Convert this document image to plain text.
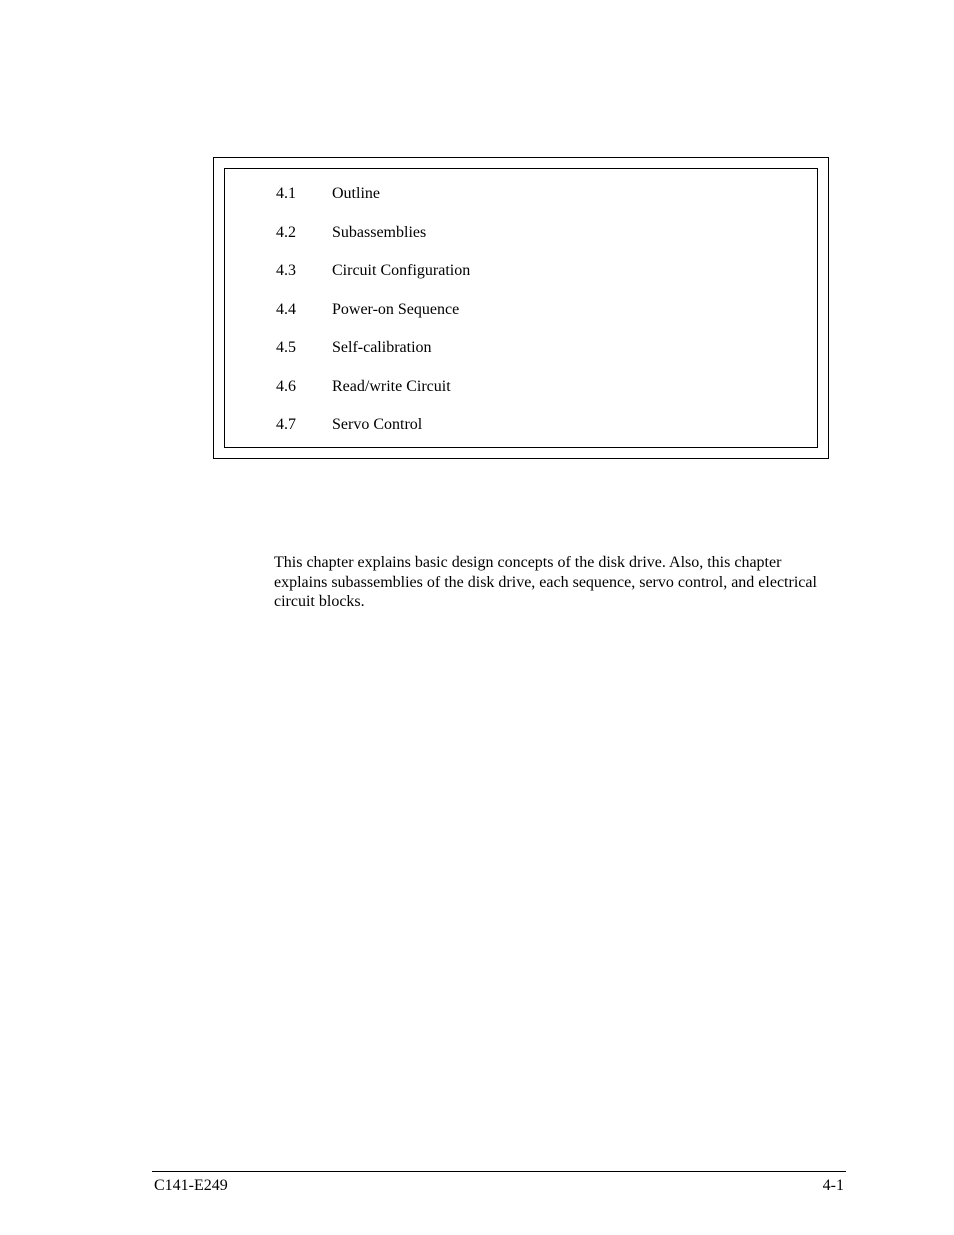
4.1 Outline
4.2 Subassemblies
4.3 Circuit Configuration
4.4 Power-on Sequence
4.5 Self-calibration
4.6 Read/write Circuit
4.7 Servo Control

This chapter explains basic design concepts of the disk drive. Also, this chapter explains subassemblies of the disk drive, each sequence, servo control, and electrical circuit blocks.

C141-E249	4-1
